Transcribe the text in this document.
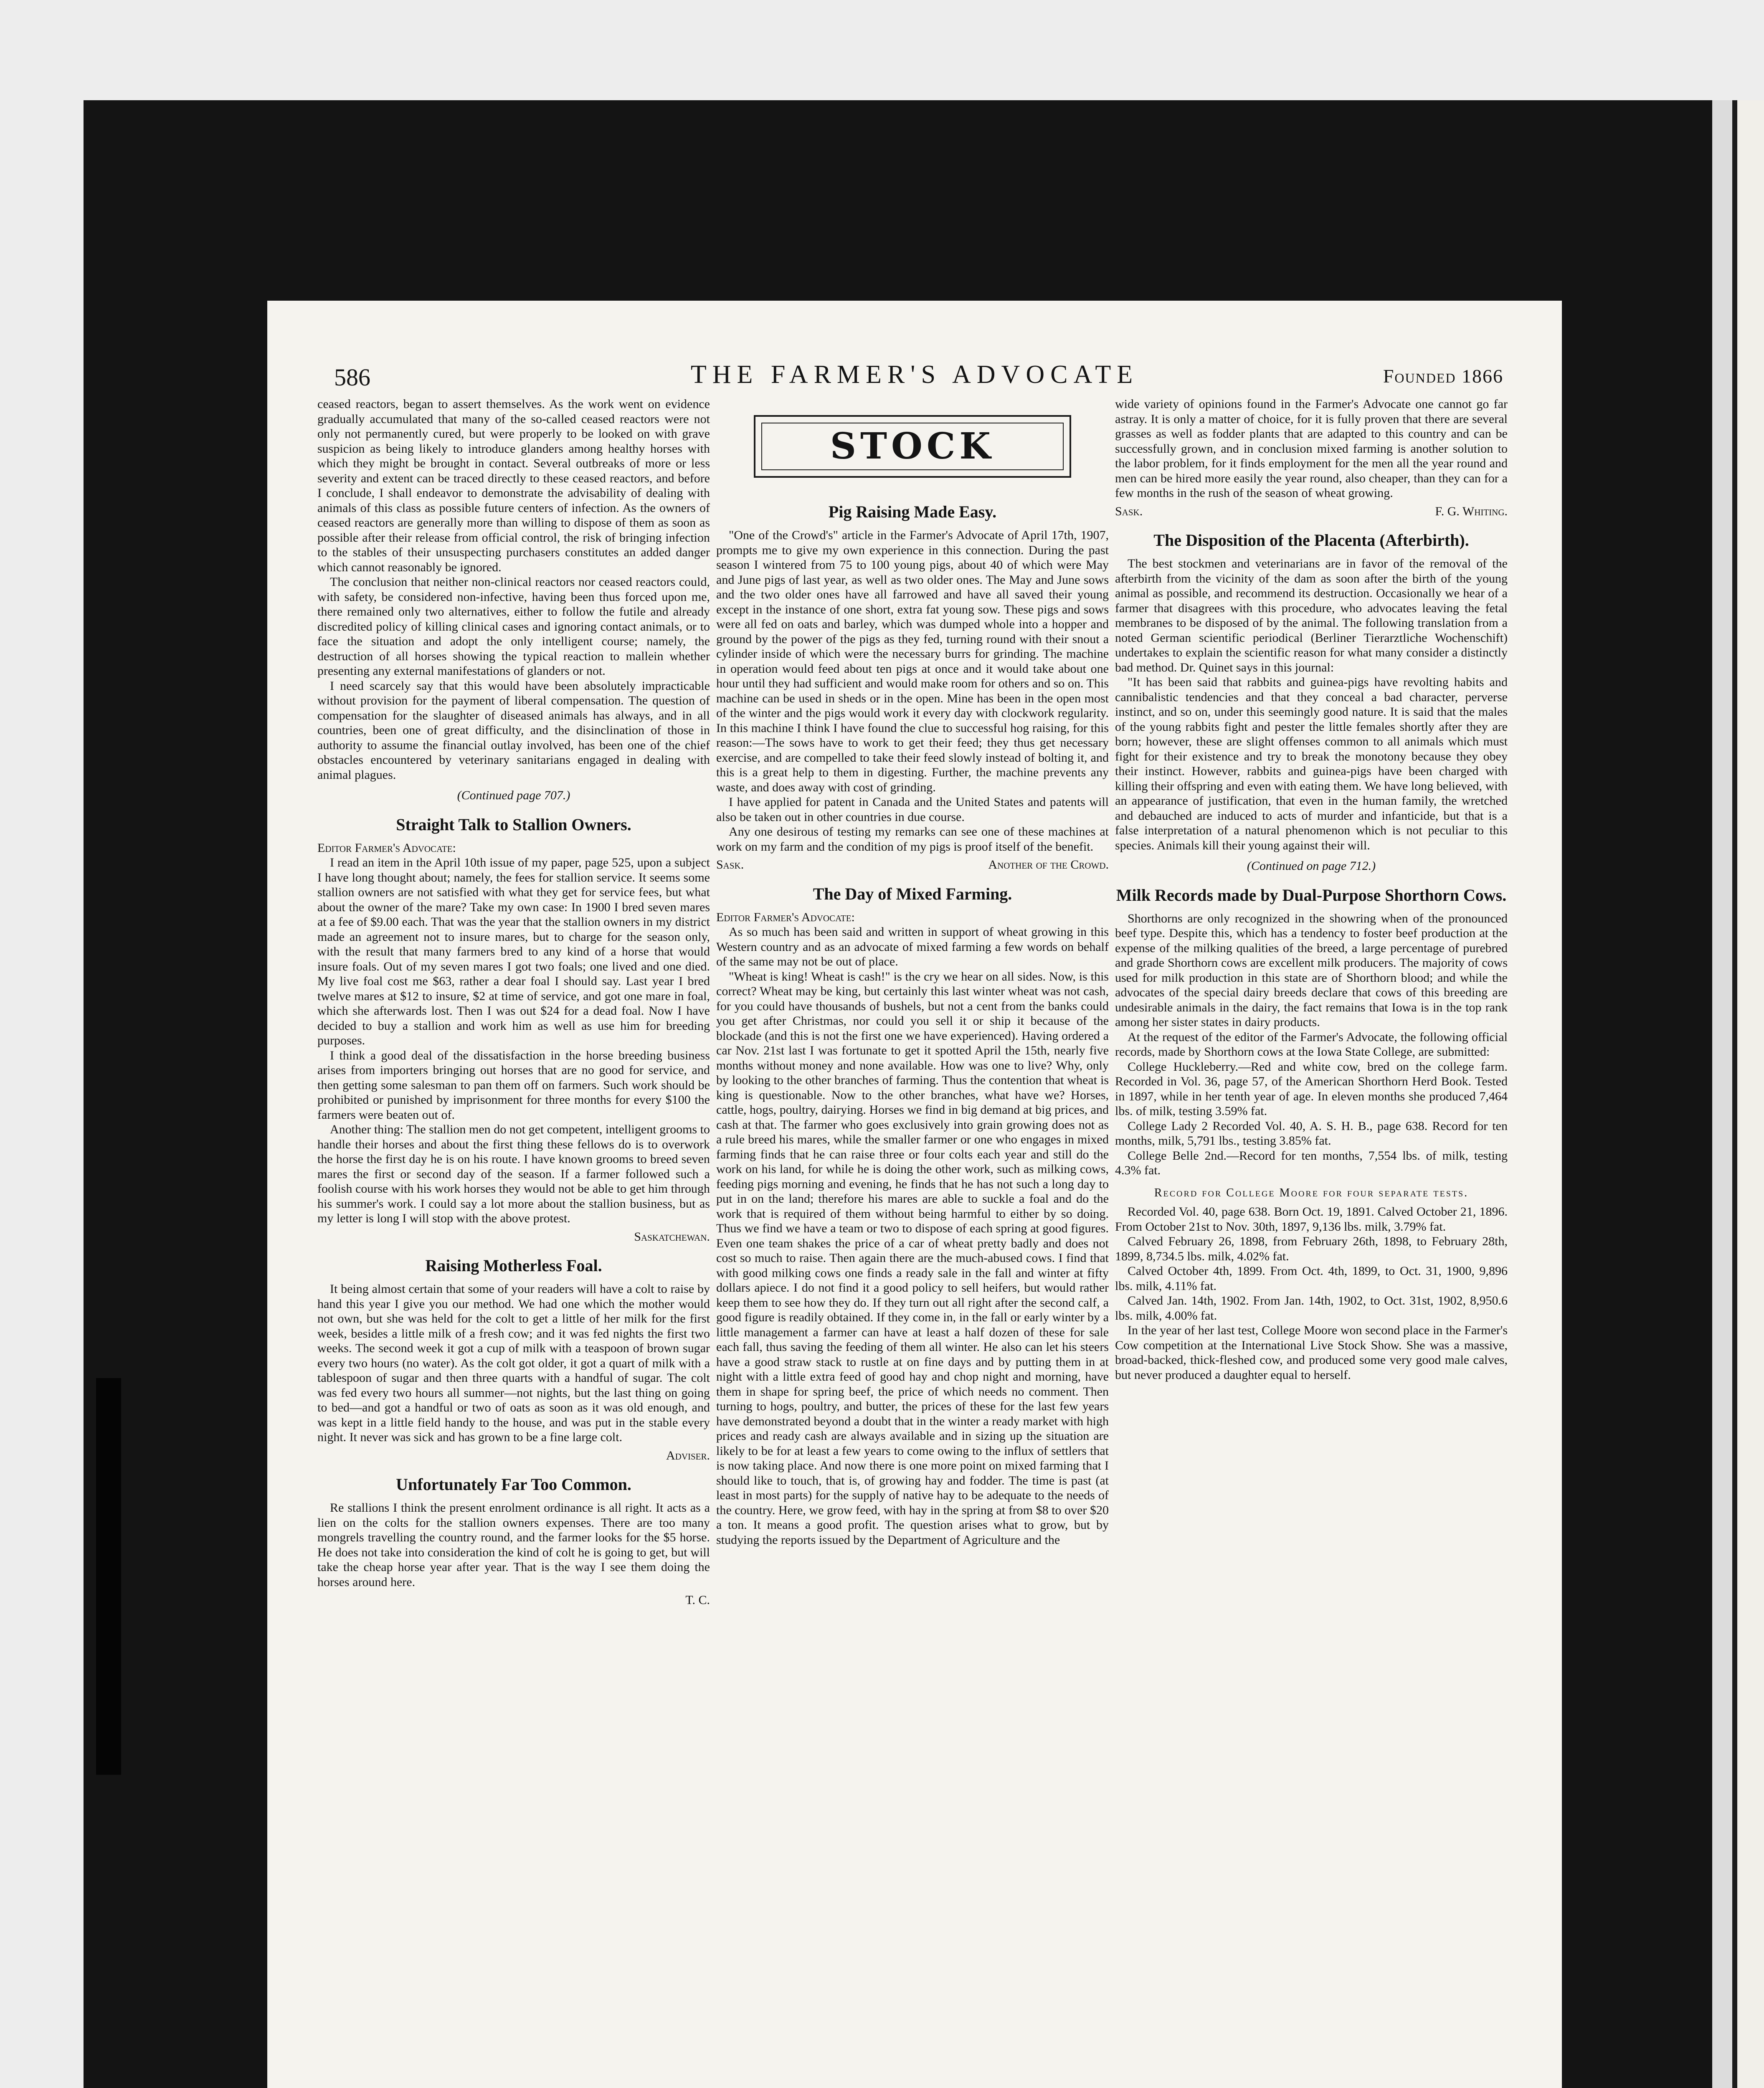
586	THE FARMER'S ADVOCATE	Founded 1866

ceased reactors, began to assert themselves. As the work went on evidence gradually accumulated that many of the so-called ceased reactors were not only not permanently cured, but were properly to be looked on with grave suspicion as being likely to introduce glanders among healthy horses with which they might be brought in contact. Several outbreaks of more or less severity and extent can be traced directly to these ceased reactors, and before I conclude, I shall endeavor to demonstrate the advisability of dealing with animals of this class as possible future centers of infection. As the owners of ceased reactors are generally more than willing to dispose of them as soon as possible after their release from official control, the risk of bringing infection to the stables of their unsuspecting purchasers constitutes an added danger which cannot reasonably be ignored.

The conclusion that neither non-clinical reactors nor ceased reactors could, with safety, be considered non-infective, having been thus forced upon me, there remained only two alternatives, either to follow the futile and already discredited policy of killing clinical cases and ignoring contact animals, or to face the situation and adopt the only intelligent course; namely, the destruction of all horses showing the typical reaction to mallein whether presenting any external manifestations of glanders or not.

I need scarcely say that this would have been absolutely impracticable without provision for the payment of liberal compensation. The question of compensation for the slaughter of diseased animals has always, and in all countries, been one of great difficulty, and the disinclination of those in authority to assume the financial outlay involved, has been one of the chief obstacles encountered by veterinary sanitarians engaged in dealing with animal plagues.

(Continued page 707.)
Straight Talk to Stallion Owners.

Editor Farmer's Advocate:

I read an item in the April 10th issue of my paper, page 525, upon a subject I have long thought about; namely, the fees for stallion service. It seems some stallion owners are not satisfied with what they get for service fees, but what about the owner of the mare? Take my own case: In 1900 I bred seven mares at a fee of $9.00 each. That was the year that the stallion owners in my district made an agreement not to insure mares, but to charge for the season only, with the result that many farmers bred to any kind of a horse that would insure foals. Out of my seven mares I got two foals; one lived and one died. My live foal cost me $63, rather a dear foal I should say. Last year I bred twelve mares at $12 to insure, $2 at time of service, and got one mare in foal, which she afterwards lost. Then I was out $24 for a dead foal. Now I have decided to buy a stallion and work him as well as use him for breeding purposes.

I think a good deal of the dissatisfaction in the horse breeding business arises from importers bringing out horses that are no good for service, and then getting some salesman to pan them off on farmers. Such work should be prohibited or punished by imprisonment for three months for every $100 the farmers were beaten out of.

Another thing: The stallion men do not get competent, intelligent grooms to handle their horses and about the first thing these fellows do is to overwork the horse the first day he is on his route. I have known grooms to breed seven mares the first or second day of the season. If a farmer followed such a foolish course with his work horses they would not be able to get him through his summer's work. I could say a lot more about the stallion business, but as my letter is long I will stop with the above protest.

Saskatchewan.
Raising Motherless Foal.

It being almost certain that some of your readers will have a colt to raise by hand this year I give you our method. We had one which the mother would not own, but she was held for the colt to get a little of her milk for the first week, besides a little milk of a fresh cow; and it was fed nights the first two weeks. The second week it got a cup of milk with a teaspoon of brown sugar every two hours (no water). As the colt got older, it got a quart of milk with a tablespoon of sugar and then three quarts with a handful of sugar. The colt was fed every two hours all summer—not nights, but the last thing on going to bed—and got a handful or two of oats as soon as it was old enough, and was kept in a little field handy to the house, and was put in the stable every night. It never was sick and has grown to be a fine large colt.

Adviser.
Unfortunately Far Too Common.

Re stallions I think the present enrolment ordinance is all right. It acts as a lien on the colts for the stallion owners expenses. There are too many mongrels travelling the country round, and the farmer looks for the $5 horse. He does not take into consideration the kind of colt he is going to get, but will take the cheap horse year after year. That is the way I see them doing the horses around here.

T. C.
STOCK
Pig Raising Made Easy.

"One of the Crowd's" article in the Farmer's Advocate of April 17th, 1907, prompts me to give my own experience in this connection. During the past season I wintered from 75 to 100 young pigs, about 40 of which were May and June pigs of last year, as well as two older ones. The May and June sows and the two older ones have all farrowed and have all saved their young except in the instance of one short, extra fat young sow. These pigs and sows were all fed on oats and barley, which was dumped whole into a hopper and ground by the power of the pigs as they fed, turning round with their snout a cylinder inside of which were the necessary burrs for grinding. The machine in operation would feed about ten pigs at once and it would take about one hour until they had sufficient and would make room for others and so on. This machine can be used in sheds or in the open. Mine has been in the open most of the winter and the pigs would work it every day with clockwork regularity. In this machine I think I have found the clue to successful hog raising, for this reason:—The sows have to work to get their feed; they thus get necessary exercise, and are compelled to take their feed slowly instead of bolting it, and this is a great help to them in digesting. Further, the machine prevents any waste, and does away with cost of grinding.

I have applied for patent in Canada and the United States and patents will also be taken out in other countries in due course.

Any one desirous of testing my remarks can see one of these machines at work on my farm and the condition of my pigs is proof itself of the benefit.

Sask.	Another of the Crowd.
The Day of Mixed Farming.

Editor Farmer's Advocate:

As so much has been said and written in support of wheat growing in this Western country and as an advocate of mixed farming a few words on behalf of the same may not be out of place.

"Wheat is king! Wheat is cash!" is the cry we hear on all sides. Now, is this correct? Wheat may be king, but certainly this last winter wheat was not cash, for you could have thousands of bushels, but not a cent from the banks could you get after Christmas, nor could you sell it or ship it because of the blockade (and this is not the first one we have experienced). Having ordered a car Nov. 21st last I was fortunate to get it spotted April the 15th, nearly five months without money and none available. How was one to live? Why, only by looking to the other branches of farming. Thus the contention that wheat is king is questionable. Now to the other branches, what have we? Horses, cattle, hogs, poultry, dairying. Horses we find in big demand at big prices, and cash at that. The farmer who goes exclusively into grain growing does not as a rule breed his mares, while the smaller farmer or one who engages in mixed farming finds that he can raise three or four colts each year and still do the work on his land, for while he is doing the other work, such as milking cows, feeding pigs morning and evening, he finds that he has not such a long day to put in on the land; therefore his mares are able to suckle a foal and do the work that is required of them without being harmful to either by so doing. Thus we find we have a team or two to dispose of each spring at good figures. Even one team shakes the price of a car of wheat pretty badly and does not cost so much to raise. Then again there are the much-abused cows. I find that with good milking cows one finds a ready sale in the fall and winter at fifty dollars apiece. I do not find it a good policy to sell heifers, but would rather keep them to see how they do. If they turn out all right after the second calf, a good figure is readily obtained. If they come in, in the fall or early winter by a little management a farmer can have at least a half dozen of these for sale each fall, thus saving the feeding of them all winter. He also can let his steers have a good straw stack to rustle at on fine days and by putting them in at night with a little extra feed of good hay and chop night and morning, have them in shape for spring beef, the price of which needs no comment. Then turning to hogs, poultry, and butter, the prices of these for the last few years have demonstrated beyond a doubt that in the winter a ready market with high prices and ready cash are always available and in sizing up the situation are likely to be for at least a few years to come owing to the influx of settlers that is now taking place. And now there is one more point on mixed farming that I should like to touch, that is, of growing hay and fodder. The time is past (at least in most parts) for the supply of native hay to be adequate to the needs of the country. Here, we grow feed, with hay in the spring at from $8 to over $20 a ton. It means a good profit. The question arises what to grow, but by studying the reports issued by the Department of Agriculture and the

wide variety of opinions found in the Farmer's Advocate one cannot go far astray. It is only a matter of choice, for it is fully proven that there are several grasses as well as fodder plants that are adapted to this country and can be successfully grown, and in conclusion mixed farming is another solution to the labor problem, for it finds employment for the men all the year round and men can be hired more easily the year round, also cheaper, than they can for a few months in the rush of the season of wheat growing.

Sask.	F. G. Whiting.
The Disposition of the Placenta (Afterbirth).

The best stockmen and veterinarians are in favor of the removal of the afterbirth from the vicinity of the dam as soon after the birth of the young animal as possible, and recommend its destruction. Occasionally we hear of a farmer that disagrees with this procedure, who advocates leaving the fetal membranes to be disposed of by the animal. The following translation from a noted German scientific periodical (Berliner Tierarztliche Wochenschift) undertakes to explain the scientific reason for what many consider a distinctly bad method. Dr. Quinet says in this journal:

"It has been said that rabbits and guinea-pigs have revolting habits and cannibalistic tendencies and that they conceal a bad character, perverse instinct, and so on, under this seemingly good nature. It is said that the males of the young rabbits fight and pester the little females shortly after they are born; however, these are slight offenses common to all animals which must fight for their existence and try to break the monotony because they obey their instinct. However, rabbits and guinea-pigs have been charged with killing their offspring and even with eating them. We have long believed, with an appearance of justification, that even in the human family, the wretched and debauched are induced to acts of murder and infanticide, but that is a false interpretation of a natural phenomenon which is not peculiar to this species. Animals kill their young against their will.

(Continued on page 712.)
Milk Records made by Dual-Purpose Shorthorn Cows.

Shorthorns are only recognized in the showring when of the pronounced beef type. Despite this, which has a tendency to foster beef production at the expense of the milking qualities of the breed, a large percentage of purebred and grade Shorthorn cows are excellent milk producers. The majority of cows used for milk production in this state are of Shorthorn blood; and while the advocates of the special dairy breeds declare that cows of this breeding are undesirable animals in the dairy, the fact remains that Iowa is in the top rank among her sister states in dairy products.

At the request of the editor of the Farmer's Advocate, the following official records, made by Shorthorn cows at the Iowa State College, are submitted:

College Huckleberry.—Red and white cow, bred on the college farm. Recorded in Vol. 36, page 57, of the American Shorthorn Herd Book. Tested in 1897, while in her tenth year of age. In eleven months she produced 7,464 lbs. of milk, testing 3.59% fat.

College Lady 2 Recorded Vol. 40, A. S. H. B., page 638. Record for ten months, milk, 5,791 lbs., testing 3.85% fat.

College Belle 2nd.—Record for ten months, 7,554 lbs. of milk, testing 4.3% fat.

Record for College Moore for four separate tests.

Recorded Vol. 40, page 638. Born Oct. 19, 1891. Calved October 21, 1896. From October 21st to Nov. 30th, 1897, 9,136 lbs. milk, 3.79% fat.

Calved February 26, 1898, from February 26th, 1898, to February 28th, 1899, 8,734.5 lbs. milk, 4.02% fat.

Calved October 4th, 1899. From Oct. 4th, 1899, to Oct. 31, 1900, 9,896 lbs. milk, 4.11% fat.

Calved Jan. 14th, 1902. From Jan. 14th, 1902, to Oct. 31st, 1902, 8,950.6 lbs. milk, 4.00% fat.

In the year of her last test, College Moore won second place in the Farmer's Cow competition at the International Live Stock Show. She was a massive, broad-backed, thick-fleshed cow, and produced some very good male calves, but never produced a daughter equal to herself.
